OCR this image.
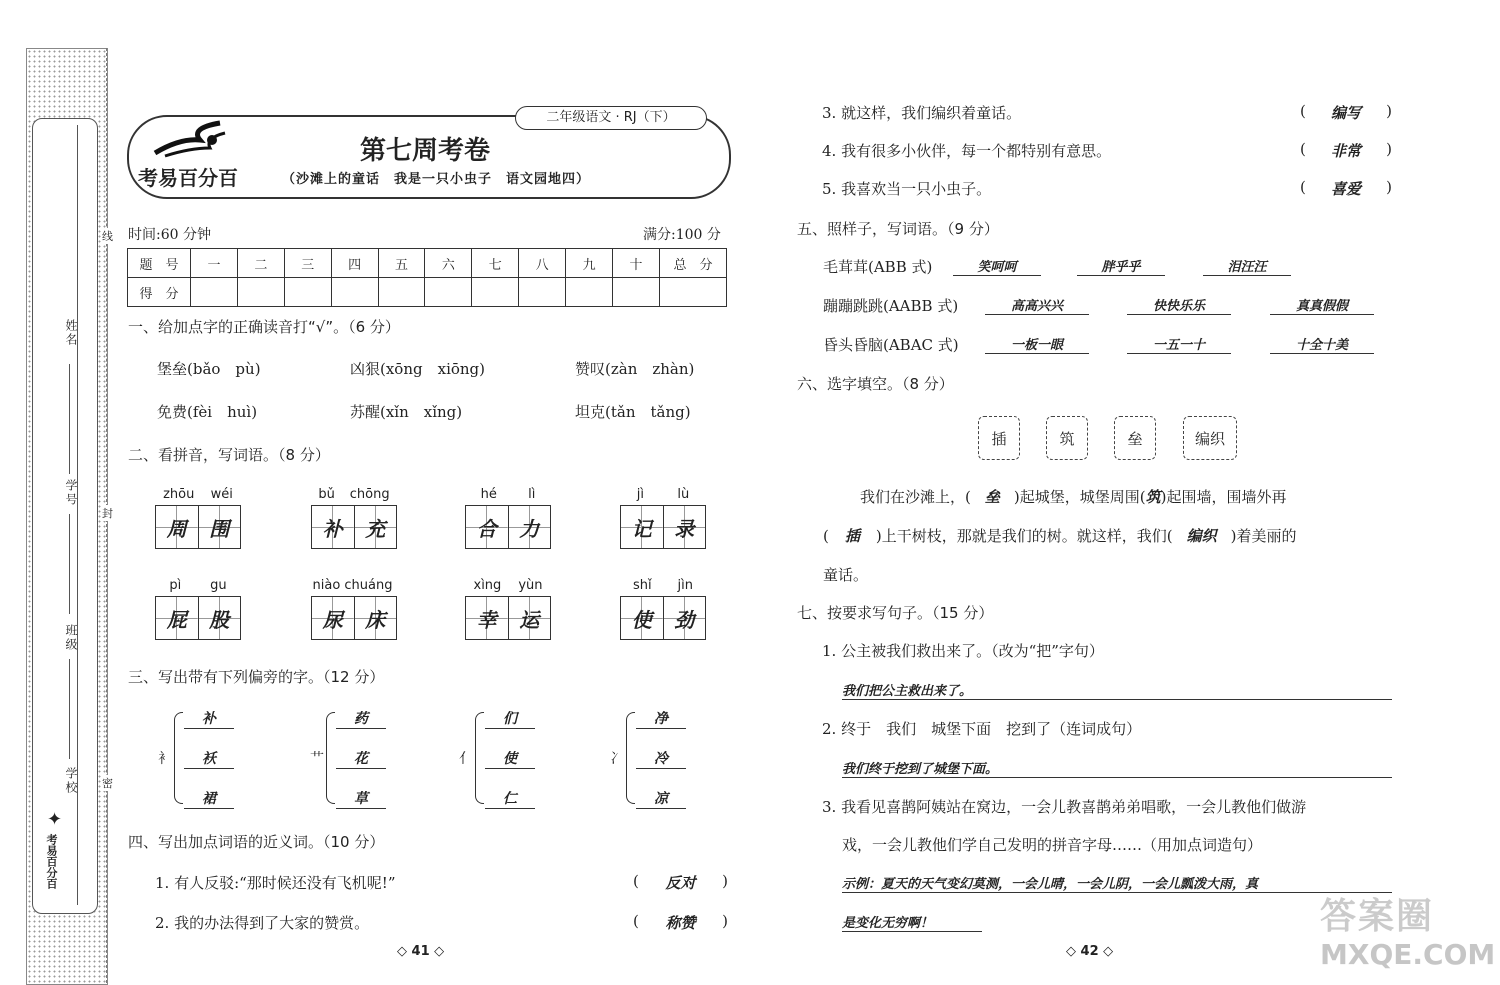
姓名
学号
班级
学校
考易百分百
✦
线
封
密
二年级语文 · RJ（下）
考易百分百
第七周考卷
（沙滩上的童话　我是一只小虫子　语文园地四）
时间:60 分钟	满分:100 分
题　号	一	二	三	四	五	六	七	八	九	十	总　分
得　分											
一、给加点字的正确读音打“√”。（6 分）
堡垒(bǎo　pù)	凶狠(xōng　xiōng)	赞叹(zàn　zhàn)
免费(fèi　huì)	苏醒(xǐn　xǐng)	坦克(tǎn　tǎng)
二、看拼音，写词语。（8 分）
zhōu wéi
周	围
bǔ chōng
补	充
hé lì
合	力
jì	lù
记	录
pì gu
屁	股
niào chuáng
尿	床
xìng yùn
幸	运
shǐ jìn
使	劲
三、写出带有下列偏旁的字。（12 分）
衤
补
袄
裙
艹
药
花
草
亻
们
使
仁
冫
净
冷
凉
四、写出加点词语的近义词。（10 分）
1. 有人反驳:“那时候还没有飞机呢!”	( 反对 )
2. 我的办法得到了大家的赞赏。	( 称赞 )
◇ 41 ◇
3. 就这样，我们编织着童话。	( 编写 )
4. 我有很多小伙伴，每一个都特别有意思。	( 非常 )
5. 我喜欢当一只小虫子。	( 喜爱 )
五、照样子，写词语。（9 分）
毛茸茸(ABB 式)	笑呵呵	胖乎乎	泪汪汪
蹦蹦跳跳(AABB 式)	高高兴兴	快快乐乐	真真假假
昏头昏脑(ABAC 式)	一板一眼	一五一十	十全十美
六、选字填空。（8 分）
插	筑	垒	编织
我们在沙滩上，( 垒 )起城堡，城堡周围(筑)起围墙，围墙外再
( 插 )上干树枝，那就是我们的树。就这样，我们( 编织 )着美丽的
童话。
七、按要求写句子。（15 分）
1. 公主被我们救出来了。（改为“把”字句）
我们把公主救出来了。
2. 终于　我们　城堡下面　挖到了（连词成句）
我们终于挖到了城堡下面。
3. 我看见喜鹊阿姨站在窝边，一会儿教喜鹊弟弟唱歌，一会儿教他们做游
戏，一会儿教他们学自己发明的拼音字母……（用加点词造句）
示例：夏天的天气变幻莫测，一会儿晴，一会儿阴，一会儿瓢泼大雨，真
是变化无穷啊！
◇ 42 ◇
答案圈
MXQE.COM
